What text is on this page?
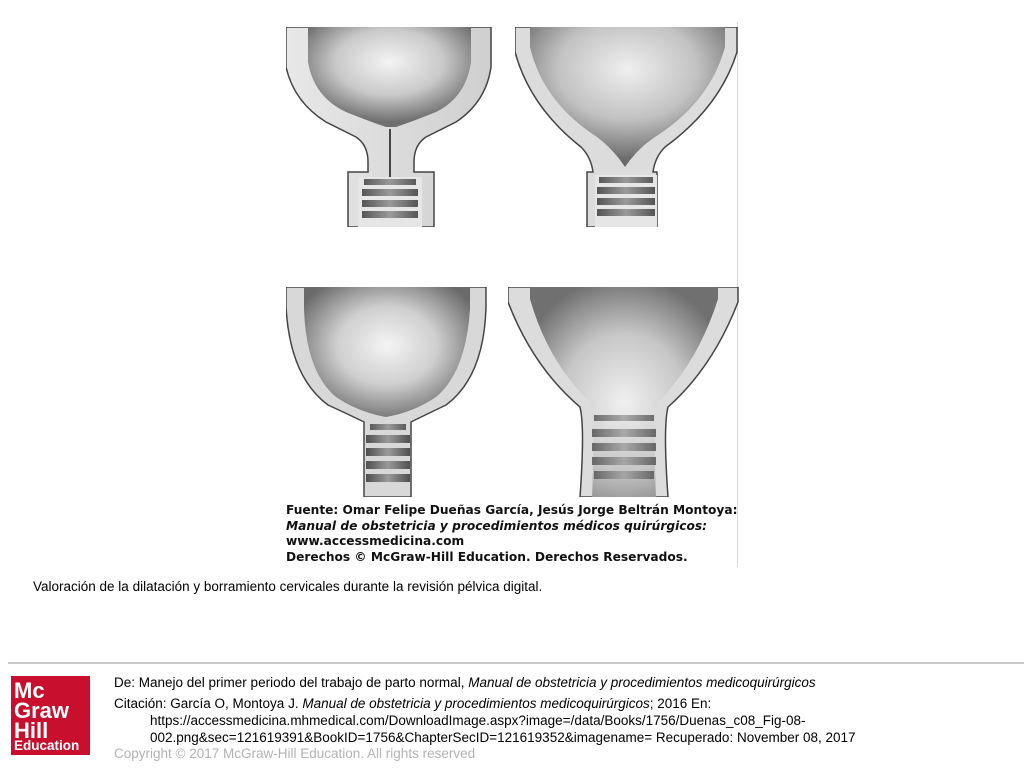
Fuente: Omar Felipe Dueñas García, Jesús Jorge Beltrán Montoya:
Manual de obstetricia y procedimientos médicos quirúrgicos:
www.accessmedicina.com
Derechos © McGraw-Hill Education. Derechos Reservados.
Valoración de la dilatación y borramiento cervicales durante la revisión pélvica digital.
Mc
Graw
Hill
Education
De: Manejo del primer periodo del trabajo de parto normal, Manual de obstetricia y procedimientos medicoquirúrgicos
Citación: García O, Montoya J. Manual de obstetricia y procedimientos medicoquirúrgicos; 2016 En:
https://accessmedicina.mhmedical.com/DownloadImage.aspx?image=/data/Books/1756/Duenas_c08_Fig-08-
002.png&sec=121619391&BookID=1756&ChapterSecID=121619352&imagename= Recuperado: November 08, 2017
Copyright © 2017 McGraw-Hill Education. All rights reserved
